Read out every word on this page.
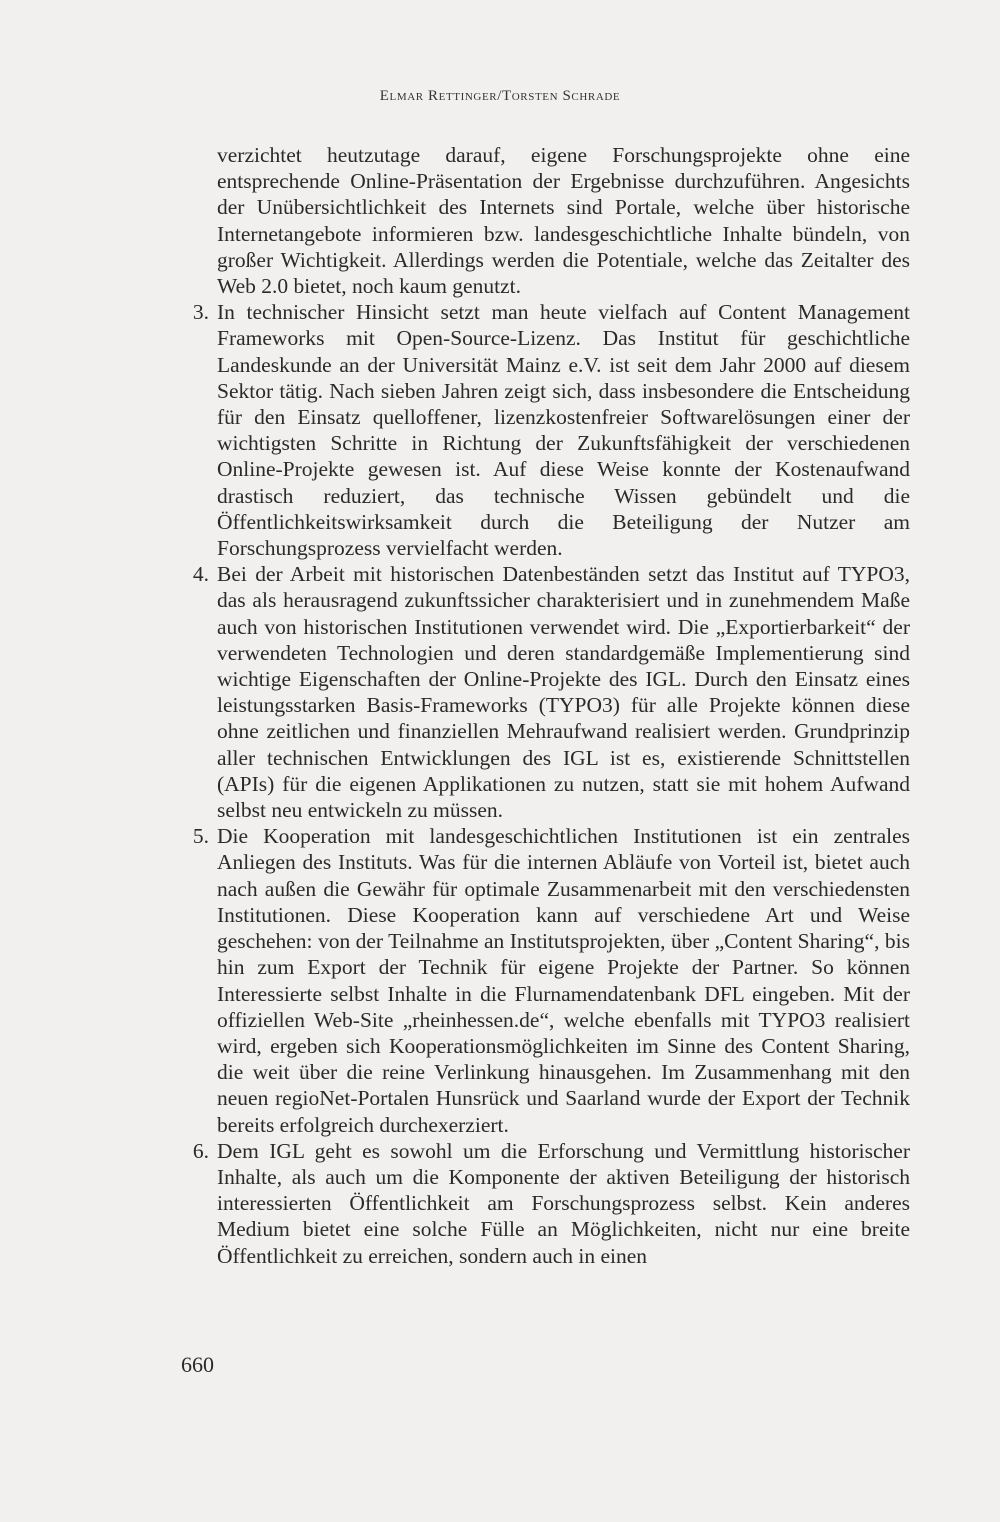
Elmar Rettinger/Torsten Schrade

verzichtet heutzutage darauf, eigene Forschungsprojekte ohne eine entsprechende Online-Präsentation der Ergebnisse durchzuführen. Angesichts der Unübersichtlichkeit des Internets sind Portale, welche über historische Internetangebote informieren bzw. landesgeschichtliche Inhalte bündeln, von großer Wichtigkeit. Allerdings werden die Potentiale, welche das Zeitalter des Web 2.0 bietet, noch kaum genutzt.

3. In technischer Hinsicht setzt man heute vielfach auf Content Management Frameworks mit Open-Source-Lizenz. Das Institut für geschichtliche Landeskunde an der Universität Mainz e.V. ist seit dem Jahr 2000 auf diesem Sektor tätig. Nach sieben Jahren zeigt sich, dass insbesondere die Entscheidung für den Einsatz quelloffener, lizenzkostenfreier Softwarelösungen einer der wichtigsten Schritte in Richtung der Zukunftsfähigkeit der verschiedenen Online-Projekte gewesen ist. Auf diese Weise konnte der Kostenaufwand drastisch reduziert, das technische Wissen gebündelt und die Öffentlichkeitswirksamkeit durch die Beteiligung der Nutzer am Forschungsprozess vervielfacht werden.
4. Bei der Arbeit mit historischen Datenbeständen setzt das Institut auf TYPO3, das als herausragend zukunftssicher charakterisiert und in zunehmendem Maße auch von historischen Institutionen verwendet wird. Die „Exportierbarkeit“ der verwendeten Technologien und deren standardgemäße Implementierung sind wichtige Eigenschaften der Online-Projekte des IGL. Durch den Einsatz eines leistungsstarken Basis-Frameworks (TYPO3) für alle Projekte können diese ohne zeitlichen und finanziellen Mehraufwand realisiert werden. Grundprinzip aller technischen Entwicklungen des IGL ist es, existierende Schnittstellen (APIs) für die eigenen Applikationen zu nutzen, statt sie mit hohem Aufwand selbst neu entwickeln zu müssen.
5. Die Kooperation mit landesgeschichtlichen Institutionen ist ein zentrales Anliegen des Instituts. Was für die internen Abläufe von Vorteil ist, bietet auch nach außen die Gewähr für optimale Zusammenarbeit mit den verschiedensten Institutionen. Diese Kooperation kann auf verschiedene Art und Weise geschehen: von der Teilnahme an Institutsprojekten, über „Content Sharing“, bis hin zum Export der Technik für eigene Projekte der Partner. So können Interessierte selbst Inhalte in die Flurnamendatenbank DFL eingeben. Mit der offiziellen Web-Site „rheinhessen.de“, welche ebenfalls mit TYPO3 realisiert wird, ergeben sich Kooperationsmöglichkeiten im Sinne des Content Sharing, die weit über die reine Verlinkung hinausgehen. Im Zusammenhang mit den neuen regioNet-Portalen Hunsrück und Saarland wurde der Export der Technik bereits erfolgreich durchexerziert.
6. Dem IGL geht es sowohl um die Erforschung und Vermittlung historischer Inhalte, als auch um die Komponente der aktiven Beteiligung der historisch interessierten Öffentlichkeit am Forschungsprozess selbst. Kein anderes Medium bietet eine solche Fülle an Möglichkeiten, nicht nur eine breite Öffentlichkeit zu erreichen, sondern auch in einen
660
